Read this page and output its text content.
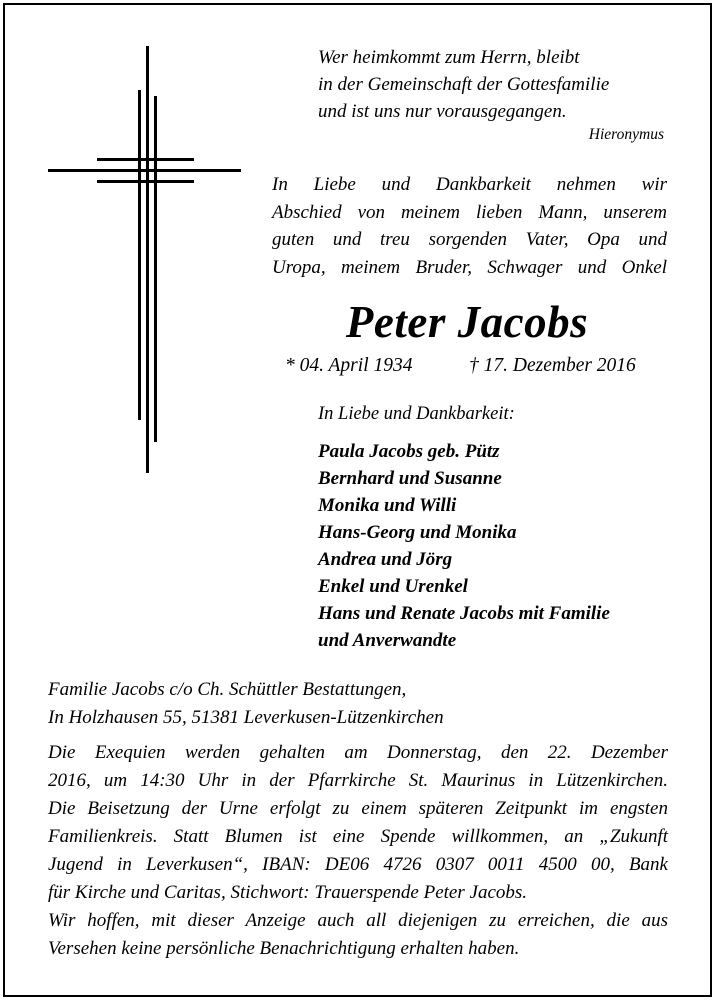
Wer heimkommt zum Herrn, bleibt
in der Gemeinschaft der Gottesfamilie
und ist uns nur vorausgegangen.
Hieronymus
In Liebe und Dankbarkeit nehmen wir
Abschied von meinem lieben Mann, unserem
guten und treu sorgenden Vater, Opa und
Uropa, meinem Bruder, Schwager und Onkel
Peter Jacobs
* 04. April 1934	† 17. Dezember 2016
In Liebe und Dankbarkeit:
Paula Jacobs geb. Pütz
Bernhard und Susanne
Monika und Willi
Hans-Georg und Monika
Andrea und Jörg
Enkel und Urenkel
Hans und Renate Jacobs mit Familie
und Anverwandte
Familie Jacobs c/o Ch. Schüttler Bestattungen,
In Holzhausen 55, 51381 Leverkusen-Lützenkirchen
Die Exequien werden gehalten am Donnerstag, den 22. Dezember
2016, um 14:30 Uhr in der Pfarrkirche St. Maurinus in Lützenkirchen.
Die Beisetzung der Urne erfolgt zu einem späteren Zeitpunkt im engsten
Familienkreis. Statt Blumen ist eine Spende willkommen, an „Zukunft
Jugend in Leverkusen“, IBAN: DE06 4726 0307 0011 4500 00, Bank
für Kirche und Caritas, Stichwort: Trauerspende Peter Jacobs.
Wir hoffen, mit dieser Anzeige auch all diejenigen zu erreichen, die aus
Versehen keine persönliche Benachrichtigung erhalten haben.
